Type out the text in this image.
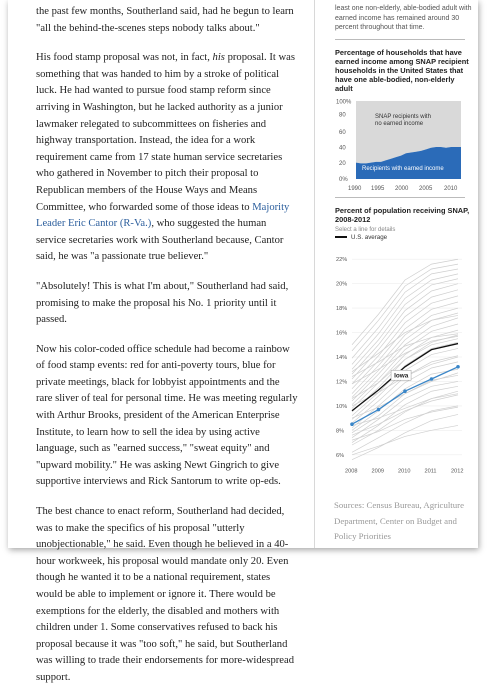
the past few months, Southerland said, had he begun to learn "all the behind-the-scenes steps nobody talks about."

His food stamp proposal was not, in fact, his proposal. It was something that was handed to him by a stroke of political luck. He had wanted to pursue food stamp reform since arriving in Washington, but he lacked authority as a junior lawmaker relegated to subcommittees on fisheries and highway transportation. Instead, the idea for a work requirement came from 17 state human service secretaries who gathered in November to pitch their proposal to Republican members of the House Ways and Means Committee, who forwarded some of those ideas to Majority Leader Eric Cantor (R-Va.), who suggested the human service secretaries work with Southerland because, Cantor said, he was "a passionate true believer."

"Absolutely! This is what I'm about," Southerland had said, promising to make the proposal his No. 1 priority until it passed.

Now his color-coded office schedule had become a rainbow of food stamp events: red for anti-poverty tours, blue for private meetings, black for lobbyist appointments and the rare sliver of teal for personal time. He was meeting regularly with Arthur Brooks, president of the American Enterprise Institute, to learn how to sell the idea by using active language, such as "earned success," "sweat equity" and "upward mobility." He was asking Newt Gingrich to give supportive interviews and Rick Santorum to write op-eds.

The best chance to enact reform, Southerland had decided, was to make the specifics of his proposal "utterly unobjectionable," he said. Even though he believed in a 40-hour workweek, his proposal would mandate only 20. Even though he wanted it to be a national requirement, states would be able to implement or ignore it. There would be exemptions for the elderly, the disabled and mothers with children under 1. Some conservatives refused to back his proposal because it was "too soft," he said, but Southerland was willing to trade their endorsements for more-widespread support.

least one non-elderly, able-bodied adult with earned income has remained around 30 percent throughout that time.
Percentage of households that have earned income among SNAP recipient households in the United States that have one able-bodied, non-elderly adult
100%
80
60
40
20
0%
SNAP recipients with
no earned income
Recipients with earned income
1990 1995 2000 2005 2010
Percent of population receiving SNAP, 2008-2012
Select a line for details
U.S. average
6%
8%
10%
12%
14%
16%
18%
20%
22%
Iowa
2008	2009	2010	2011	2012
Sources: Census Bureau, Agriculture Department, Center on Budget and Policy Priorities
